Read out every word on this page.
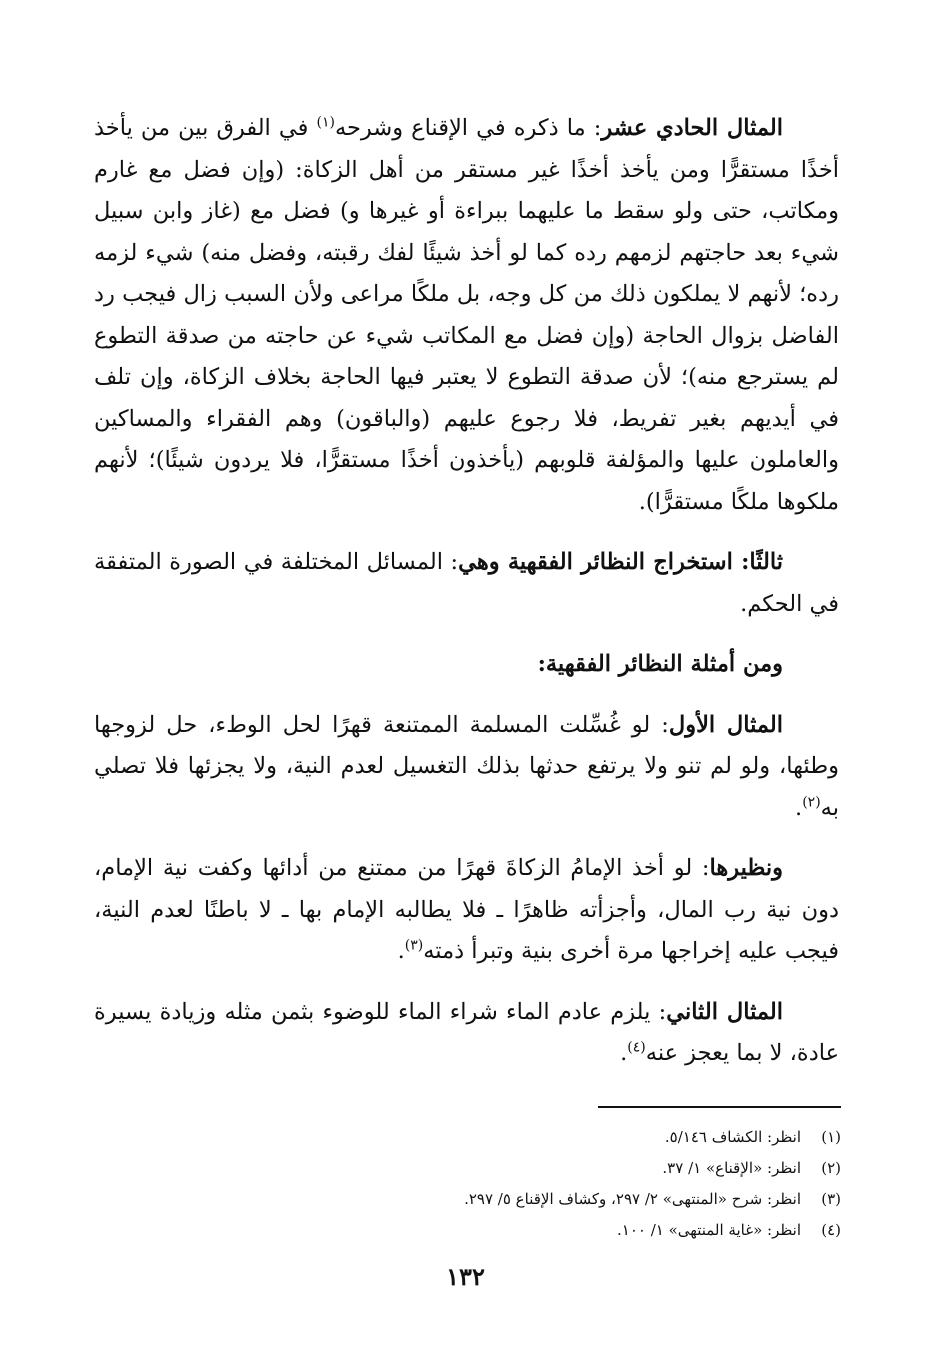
المثال الحادي عشر: ما ذكره في الإقناع وشرحه$^{(١)}$ في الفرق بين من يأخذ أخذًا مستقرًّا ومن يأخذ أخذًا غير مستقر من أهل الزكاة: (وإن فضل مع غارم ومكاتب، حتى ولو سقط ما عليهما ببراءة أو غيرها و) فضل مع (غاز وابن سبيل شيء بعد حاجتهم لزمهم رده كما لو أخذ شيئًا لفك رقبته، وفضل منه) شيء لزمه رده؛ لأنهم لا يملكون ذلك من كل وجه، بل ملكًا مراعى ولأن السبب زال فيجب رد الفاضل بزوال الحاجة (وإن فضل مع المكاتب شيء عن حاجته من صدقة التطوع لم يسترجع منه)؛ لأن صدقة التطوع لا يعتبر فيها الحاجة بخلاف الزكاة، وإن تلف في أيديهم بغير تفريط، فلا رجوع عليهم (والباقون) وهم الفقراء والمساكين والعاملون عليها والمؤلفة قلوبهم (يأخذون أخذًا مستقرًّا، فلا يردون شيئًا)؛ لأنهم ملكوها ملكًا مستقرًّا).

ثالثًا: استخراج النظائر الفقهية وهي: المسائل المختلفة في الصورة المتفقة في الحكم.

ومن أمثلة النظائر الفقهية:

المثال الأول: لو غُسِّلت المسلمة الممتنعة قهرًا لحل الوطء، حل لزوجها وطئها، ولو لم تنو ولا يرتفع حدثها بذلك التغسيل لعدم النية، ولا يجزئها فلا تصلي به$^{(٢)}$.

ونظيرها: لو أخذ الإمامُ الزكاةَ قهرًا من ممتنع من أدائها وكفت نية الإمام، دون نية رب المال، وأجزأته ظاهرًا ـ فلا يطالبه الإمام بها ـ لا باطنًا لعدم النية، فيجب عليه إخراجها مرة أخرى بنية وتبرأ ذمته$^{(٣)}$.

المثال الثاني: يلزم عادم الماء شراء الماء للوضوء بثمن مثله وزيادة يسيرة عادة، لا بما يعجز عنه$^{(٤)}$.

(١)انظر: الكشاف ٥/١٤٦.
(٢)انظر: «الإقناع» ١/ ٣٧.
(٣)انظر: شرح «المنتهى» ٢/ ٢٩٧، وكشاف الإقناع ٥/ ٢٩٧.
(٤)انظر: «غاية المنتهى» ١/ ١٠٠.
١٣٢
